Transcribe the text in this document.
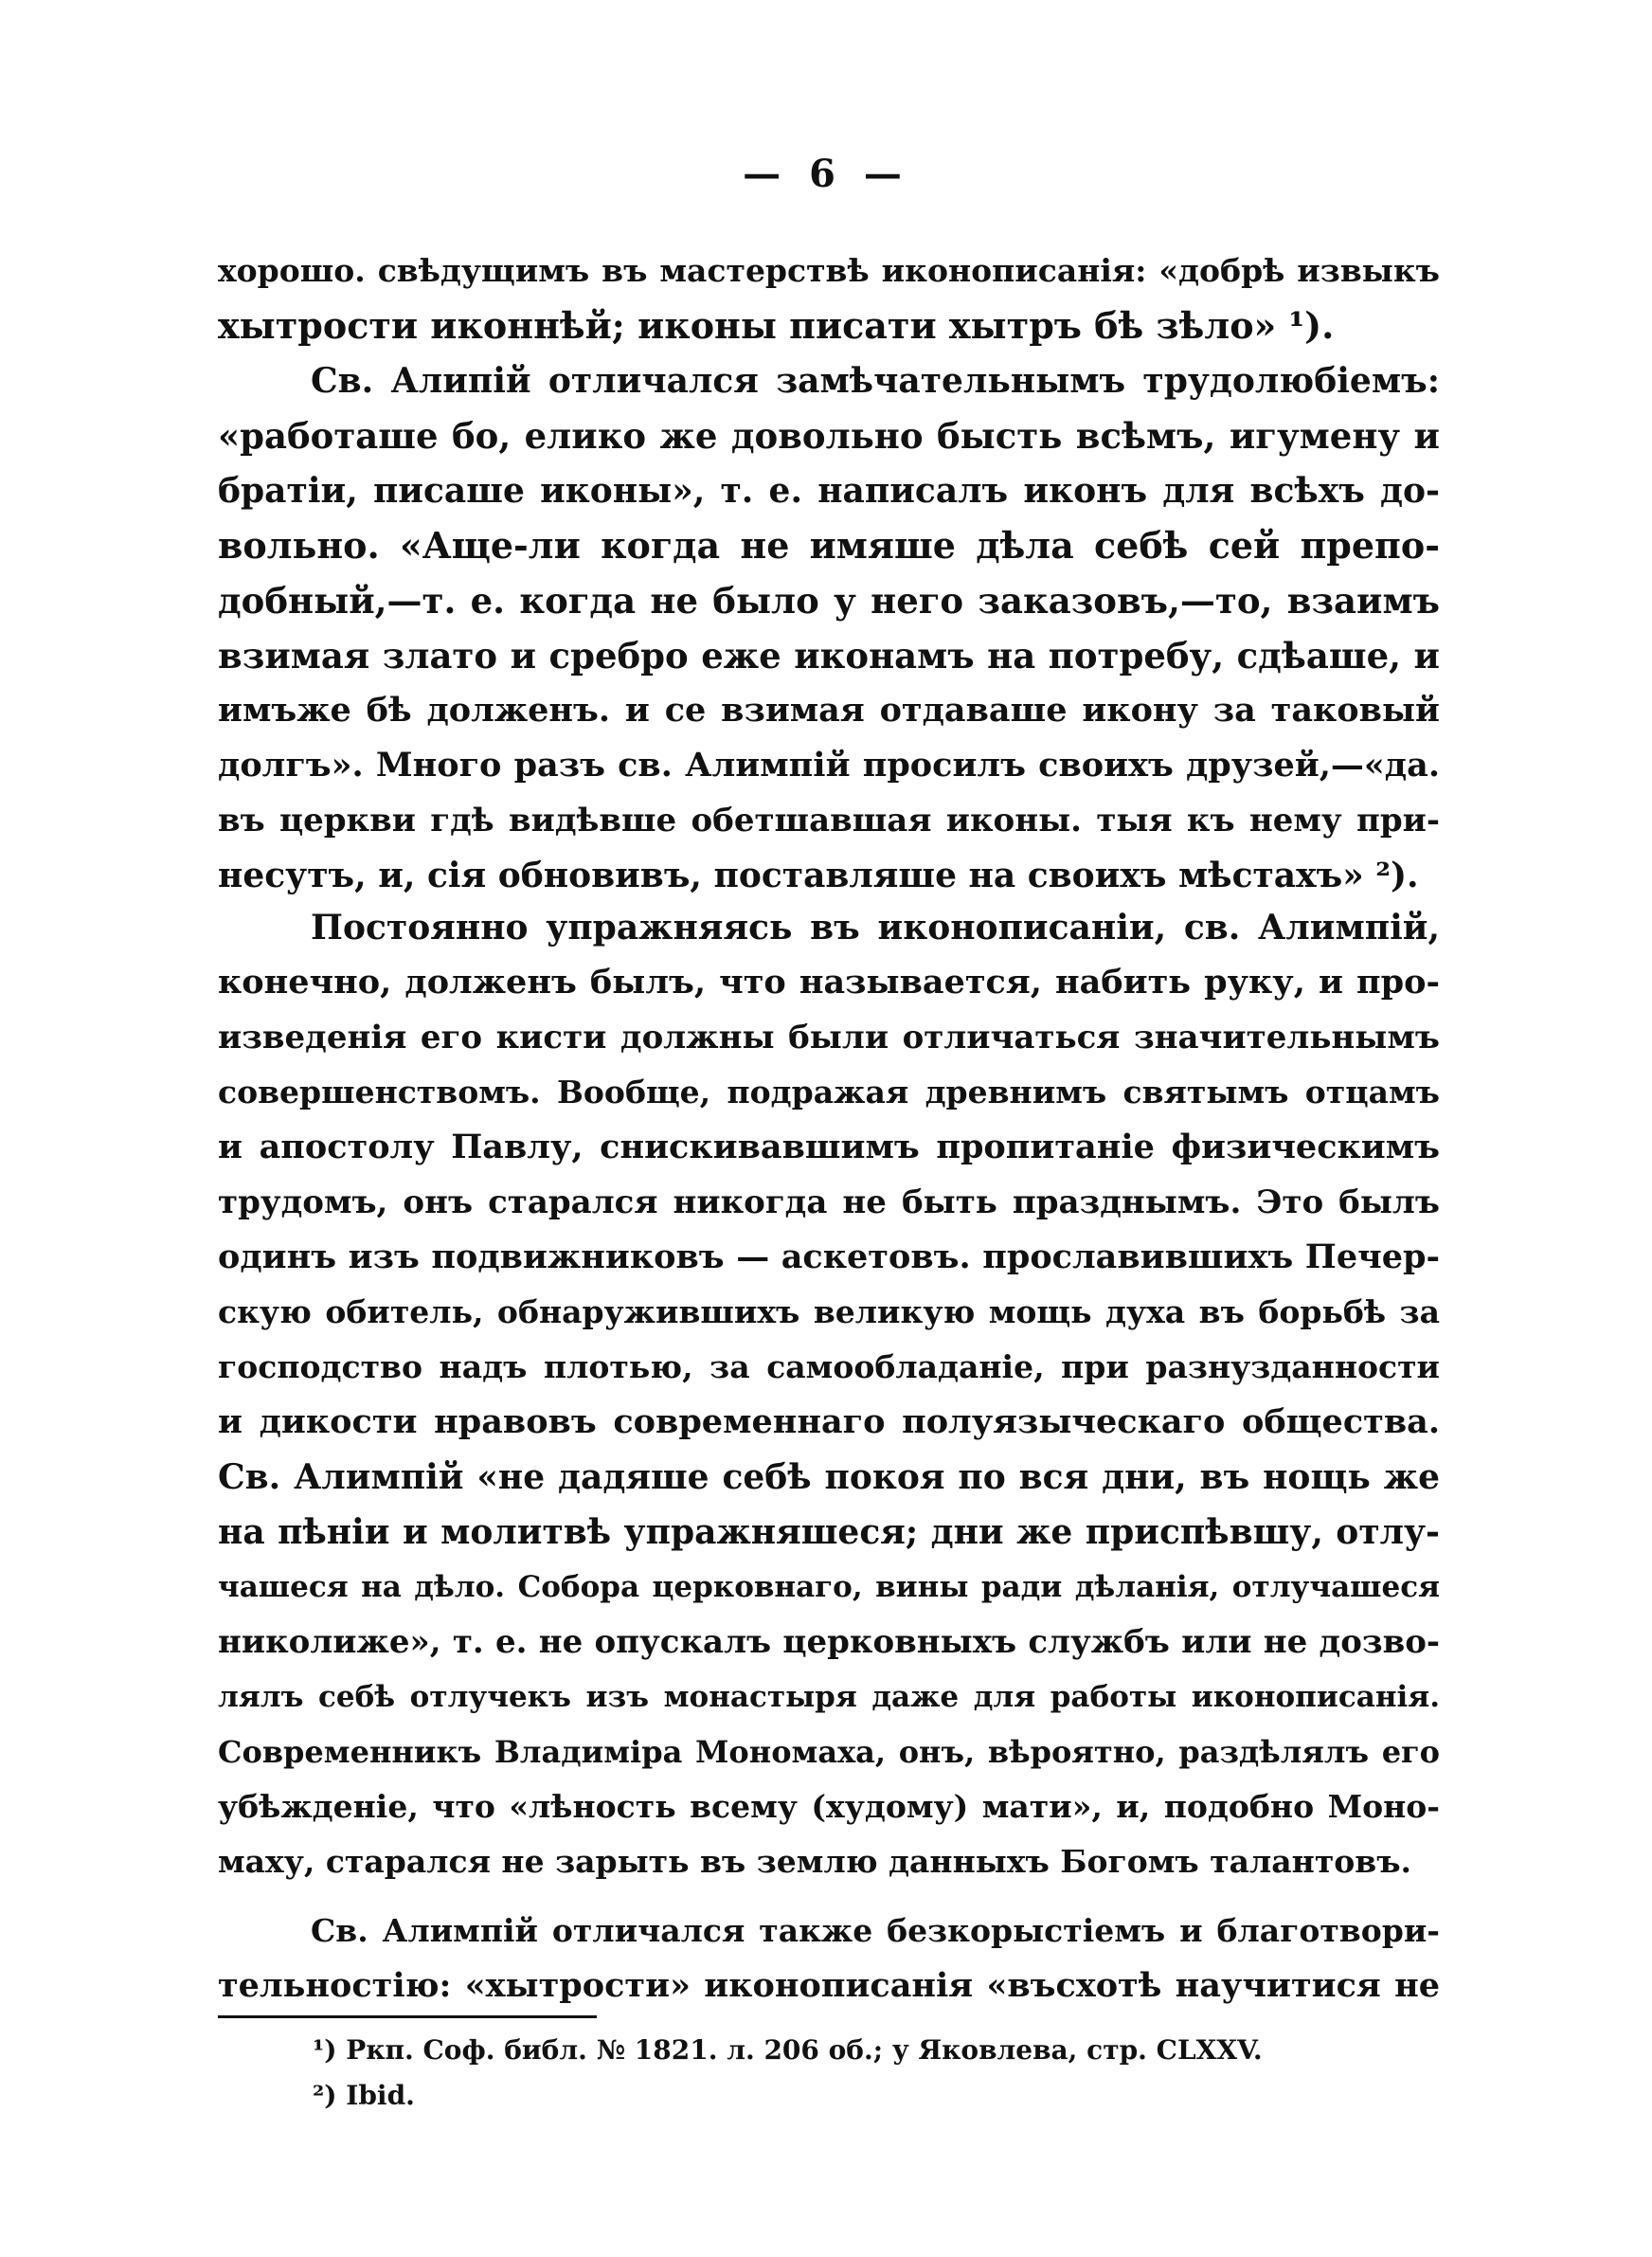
— 6 —
хорошо. свѣдущимъ въ мастерствѣ иконописанія: «добрѣ извыкъ
хытрости иконнѣй; иконы писати хытръ бѣ зѣло» ¹).
Св. Алипій отличался замѣчательнымъ трудолюбіемъ:
«работаше бо, елико же довольно бысть всѣмъ, игумену и
братіи, писаше иконы», т. е. написалъ иконъ для всѣхъ до-
вольно. «Аще-ли когда не имяше дѣла себѣ сей препо-
добный,—т. е. когда не было у него заказовъ,—то, взаимъ
взимая злато и сребро еже иконамъ на потребу, сдѣаше, и
имъже бѣ долженъ. и се взимая отдаваше икону за таковый
долгъ». Много разъ св. Алимпій просилъ своихъ друзей,—«да.
въ церкви гдѣ видѣвше обетшавшая иконы. тыя къ нему при-
несутъ, и, сія обновивъ, поставляше на своихъ мѣстахъ» ²).
Постоянно упражняясь въ иконописаніи, св. Алимпій,
конечно, долженъ былъ, что называется, набить руку, и про-
изведенія его кисти должны были отличаться значительнымъ
совершенствомъ. Вообще, подражая древнимъ святымъ отцамъ
и апостолу Павлу, снискивавшимъ пропитаніе физическимъ
трудомъ, онъ старался никогда не быть празднымъ. Это былъ
одинъ изъ подвижниковъ — аскетовъ. прославившихъ Печер-
скую обитель, обнаружившихъ великую мощь духа въ борьбѣ за
господство надъ плотью, за самообладаніе, при разнузданности
и дикости нравовъ современнаго полуязыческаго общества.
Св. Алимпій «не дадяше себѣ покоя по вся дни, въ нощь же
на пѣніи и молитвѣ упражняшеся; дни же приспѣвшу, отлу-
чашеся на дѣло. Собора церковнаго, вины ради дѣланія, отлучашеся
николиже», т. е. не опускалъ церковныхъ службъ или не дозво-
лялъ себѣ отлучекъ изъ монастыря даже для работы иконописанія.
Современникъ Владиміра Мономаха, онъ, вѣроятно, раздѣлялъ его
убѣжденіе, что «лѣность всему (худому) мати», и, подобно Моно-
маху, старался не зарыть въ землю данныхъ Богомъ талантовъ.
Св. Алимпій отличался также безкорыстіемъ и благотвори-
тельностію: «хытрости» иконописанія «въсхотѣ научитися не
¹) Ркп. Соф. библ. № 1821. л. 206 об.; у Яковлева, стр. CLXXV.
²) Ibid.
